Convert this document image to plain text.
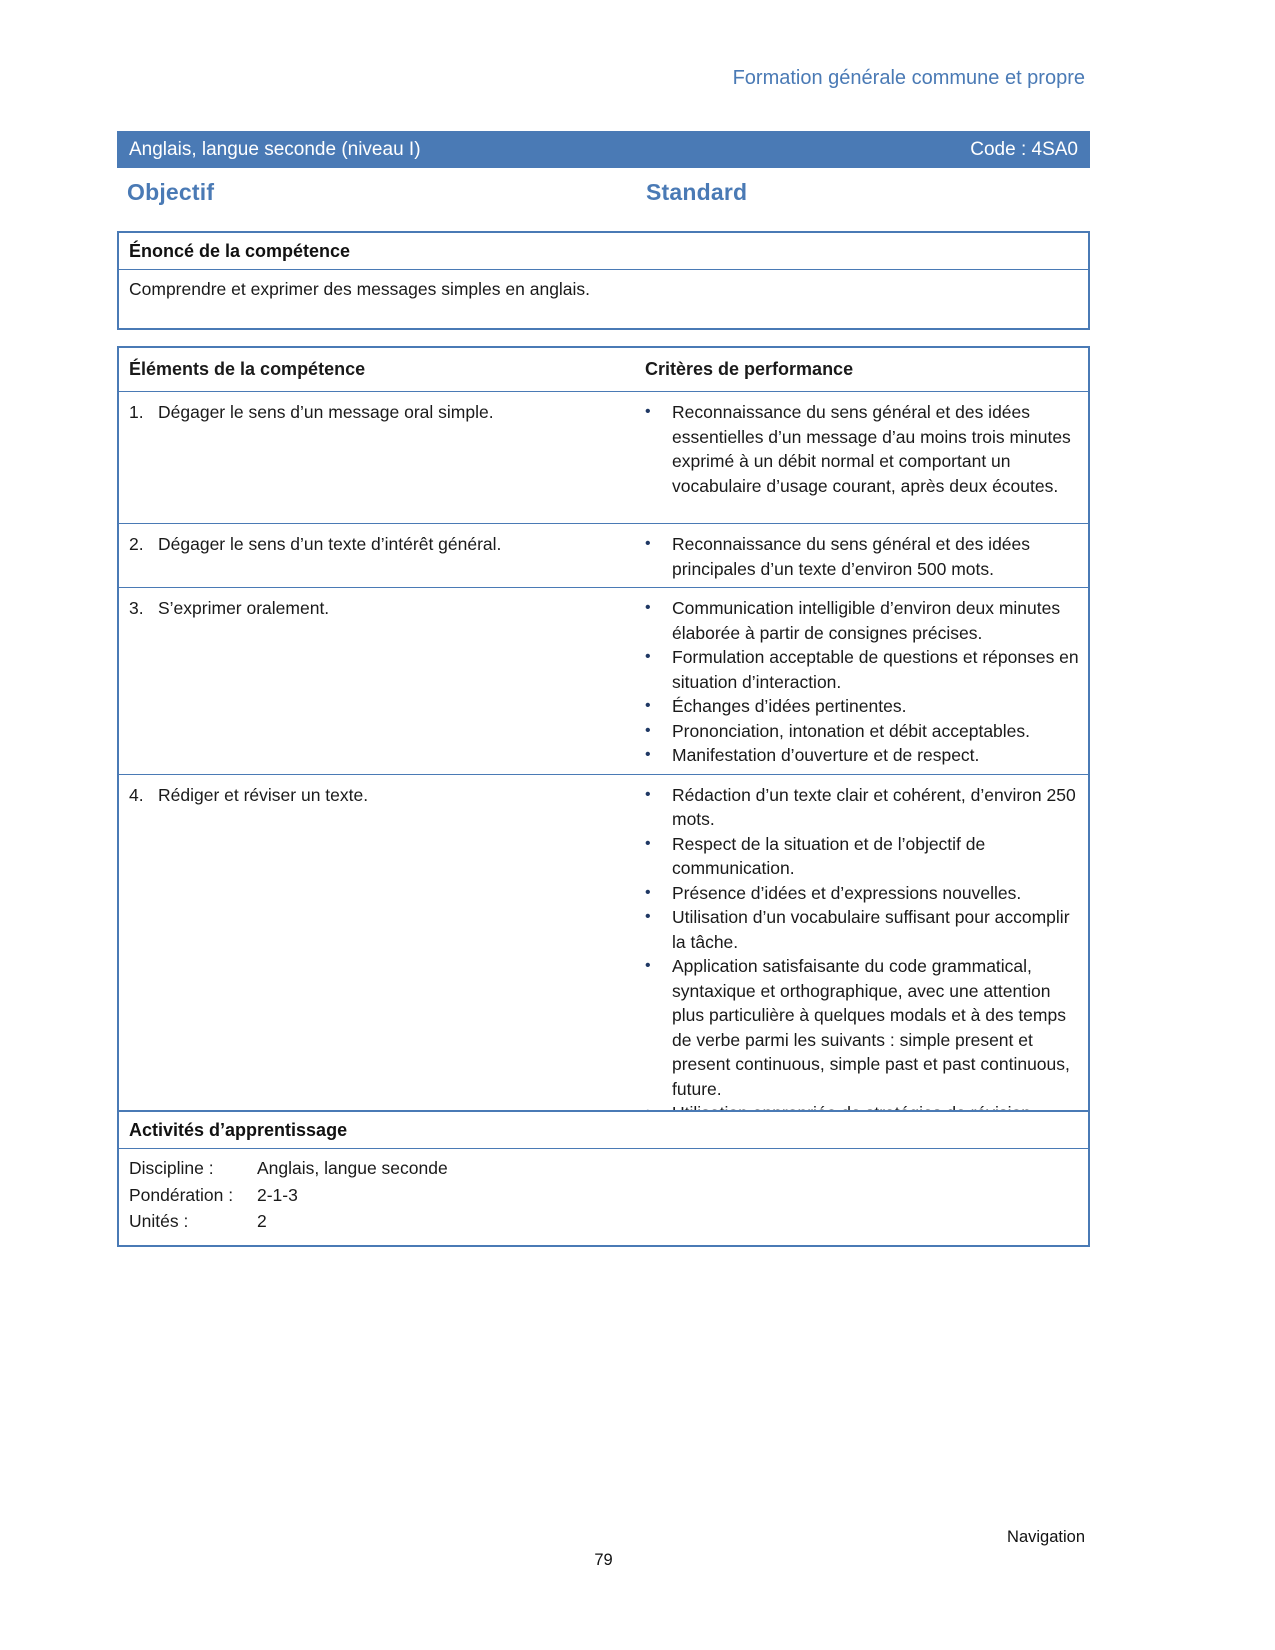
Formation générale commune et propre
Anglais, langue seconde (niveau I)	Code : 4SA0
Objectif	Standard
Énoncé de la compétence
Comprendre et exprimer des messages simples en anglais.
Éléments de la compétence	Critères de performance
1. Dégager le sens d’un message oral simple.	•	Reconnaissance du sens général et des idées essentielles d’un message d’au moins trois minutes exprimé à un débit normal et comportant un vocabulaire d’usage courant, après deux écoutes.
2. Dégager le sens d’un texte d’intérêt général.	•	Reconnaissance du sens général et des idées principales d’un texte d’environ 500 mots.
3. S’exprimer oralement.	•	Communication intelligible d’environ deux minutes élaborée à partir de consignes précises.
•	Formulation acceptable de questions et réponses en situation d’interaction.
•	Échanges d’idées pertinentes.
•	Prononciation, intonation et débit acceptables.
•	Manifestation d’ouverture et de respect.
4. Rédiger et réviser un texte.	•	Rédaction d’un texte clair et cohérent, d’environ 250 mots.
•	Respect de la situation et de l’objectif de communication.
•	Présence d’idées et d’expressions nouvelles.
•	Utilisation d’un vocabulaire suffisant pour accomplir la tâche.
•	Application satisfaisante du code grammatical, syntaxique et orthographique, avec une attention plus particulière à quelques modals et à des temps de verbe parmi les suivants : simple present et present continuous, simple past et past continuous, future.
Activités d’apprentissage
Discipline :	Anglais, langue seconde
Pondération :	2-1-3
Unités :	2
Navigation
79
